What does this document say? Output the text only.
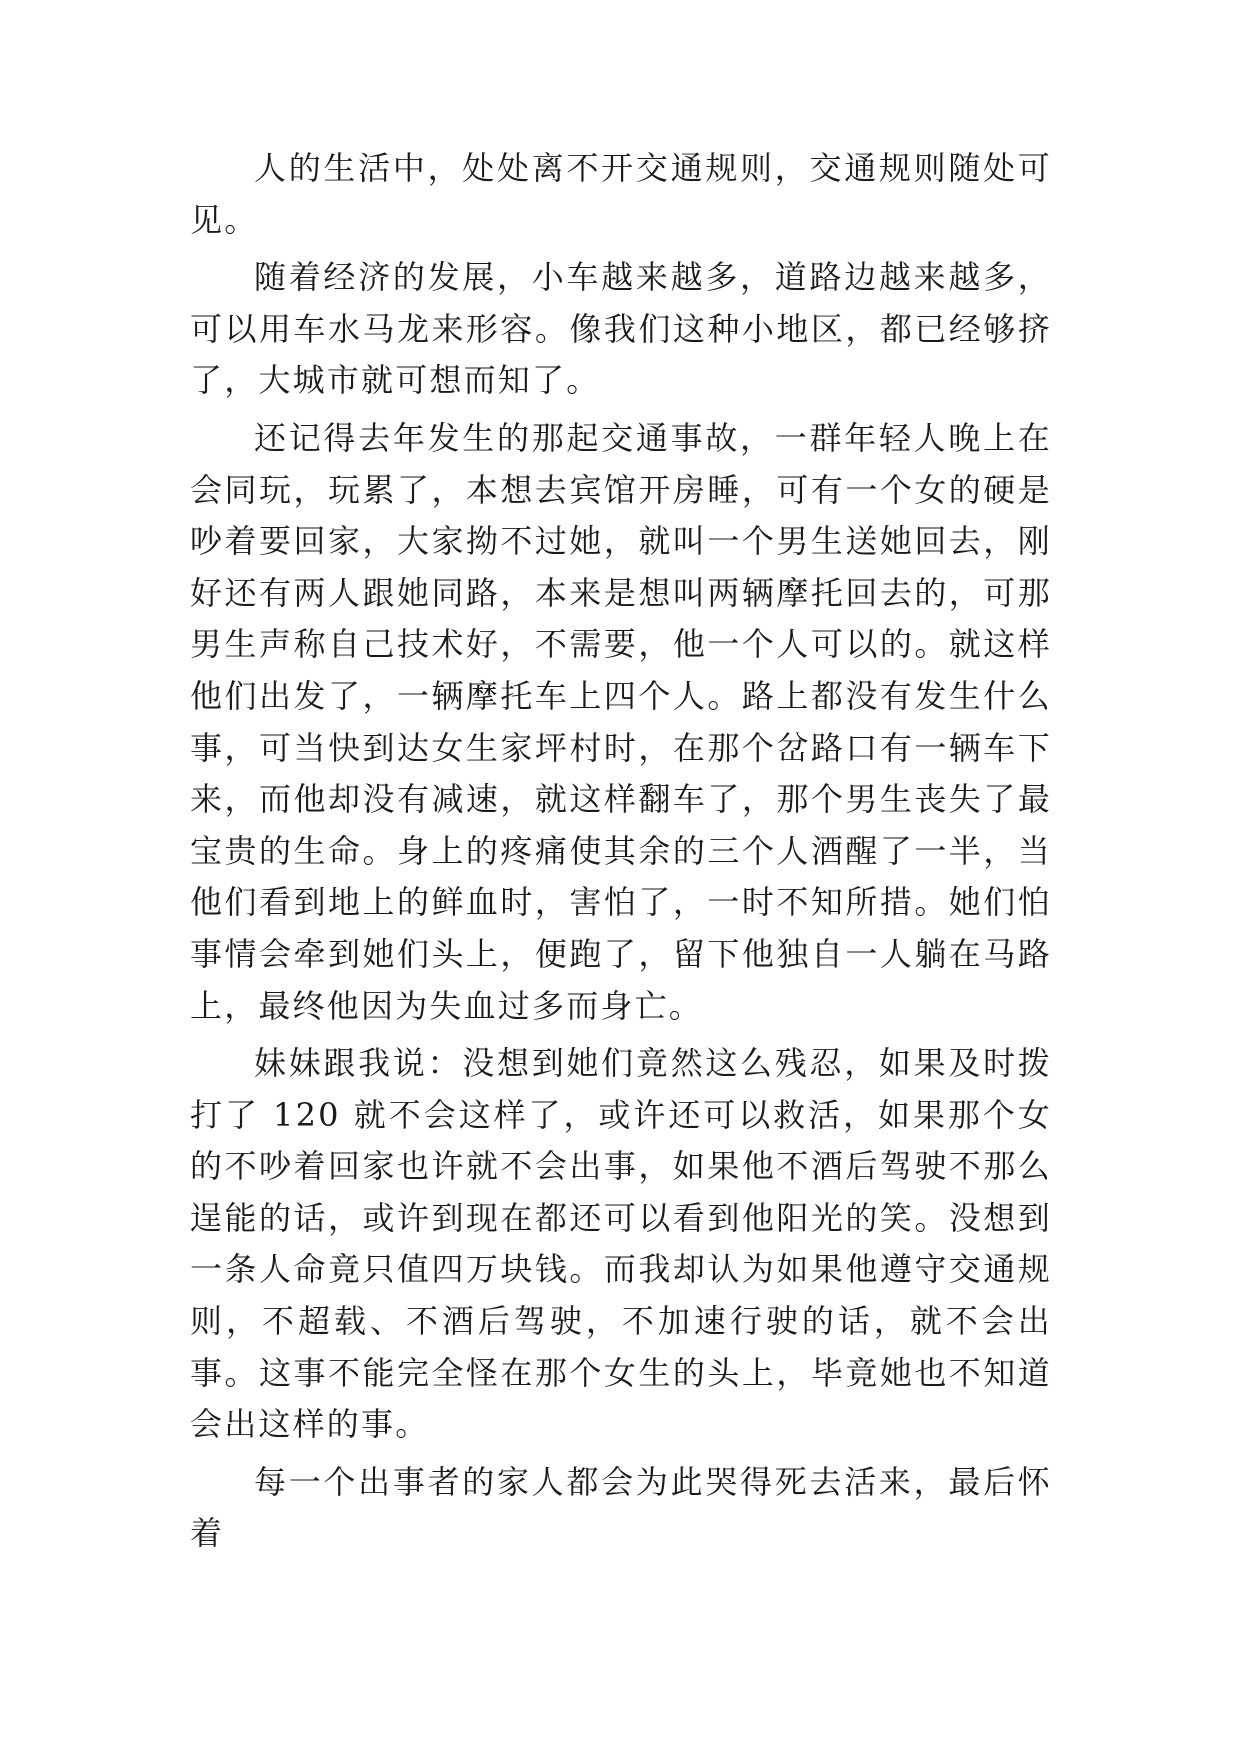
人的生活中，处处离不开交通规则，交通规则随处可见。

随着经济的发展，小车越来越多，道路边越来越多，可以用车水马龙来形容。像我们这种小地区，都已经够挤了，大城市就可想而知了。

还记得去年发生的那起交通事故，一群年轻人晚上在会同玩，玩累了，本想去宾馆开房睡，可有一个女的硬是吵着要回家，大家拗不过她，就叫一个男生送她回去，刚好还有两人跟她同路，本来是想叫两辆摩托回去的，可那男生声称自己技术好，不需要，他一个人可以的。就这样他们出发了，一辆摩托车上四个人。路上都没有发生什么事，可当快到达女生家坪村时，在那个岔路口有一辆车下来，而他却没有减速，就这样翻车了，那个男生丧失了最宝贵的生命。身上的疼痛使其余的三个人酒醒了一半，当他们看到地上的鲜血时，害怕了，一时不知所措。她们怕事情会牵到她们头上，便跑了，留下他独自一人躺在马路上，最终他因为失血过多而身亡。

妹妹跟我说：没想到她们竟然这么残忍，如果及时拨打了 120 就不会这样了，或许还可以救活，如果那个女的不吵着回家也许就不会出事，如果他不酒后驾驶不那么逞能的话，或许到现在都还可以看到他阳光的笑。没想到一条人命竟只值四万块钱。而我却认为如果他遵守交通规则，不超载、不酒后驾驶，不加速行驶的话，就不会出事。这事不能完全怪在那个女生的头上，毕竟她也不知道会出这样的事。

每一个出事者的家人都会为此哭得死去活来，最后怀着
